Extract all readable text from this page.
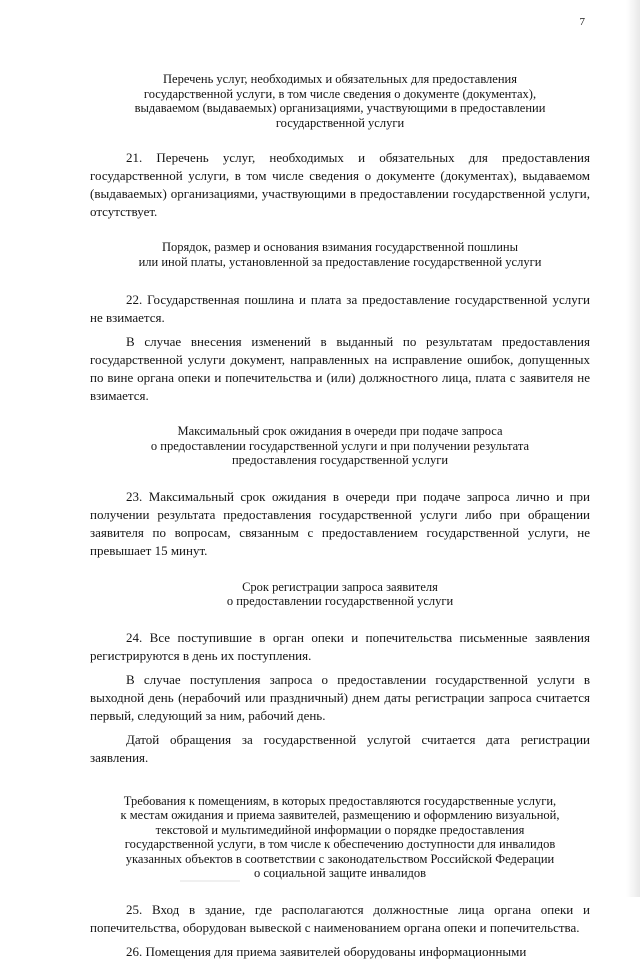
7
Перечень услуг, необходимых и обязательных для предоставления
государственной услуги, в том числе сведения о документе (документах),
выдаваемом (выдаваемых) организациями, участвующими в предоставлении
государственной услуги

21. Перечень услуг, необходимых и обязательных для предоставления государственной услуги, в том числе сведения о документе (документах), выдаваемом (выдаваемых) организациями, участвующими в предоставлении государственной услуги, отсутствует.

Порядок, размер и основания взимания государственной пошлины
или иной платы, установленной за предоставление государственной услуги

22. Государственная пошлина и плата за предоставление государственной услуги не взимается.

В случае внесения изменений в выданный по результатам предоставления государственной услуги документ, направленных на исправление ошибок, допущенных по вине органа опеки и попечительства и (или) должностного лица, плата с заявителя не взимается.

Максимальный срок ожидания в очереди при подаче запроса
о предоставлении государственной услуги и при получении результата
предоставления государственной услуги

23. Максимальный срок ожидания в очереди при подаче запроса лично и при получении результата предоставления государственной услуги либо при обращении заявителя по вопросам, связанным с предоставлением государственной услуги, не превышает 15 минут.

Срок регистрации запроса заявителя
о предоставлении государственной услуги

24. Все поступившие в орган опеки и попечительства письменные заявления регистрируются в день их поступления.

В случае поступления запроса о предоставлении государственной услуги в выходной день (нерабочий или праздничный) днем даты регистрации запроса считается первый, следующий за ним, рабочий день.

Датой обращения за государственной услугой считается дата регистрации заявления.

Требования к помещениям, в которых предоставляются государственные услуги,
к местам ожидания и приема заявителей, размещению и оформлению визуальной,
текстовой и мультимедийной информации о порядке предоставления
государственной услуги, в том числе к обеспечению доступности для инвалидов
указанных объектов в соответствии с законодательством Российской Федерации
о социальной защите инвалидов

25. Вход в здание, где располагаются должностные лица органа опеки и попечительства, оборудован вывеской с наименованием органа опеки и попечительства.

26. Помещения для приема заявителей оборудованы информационными
